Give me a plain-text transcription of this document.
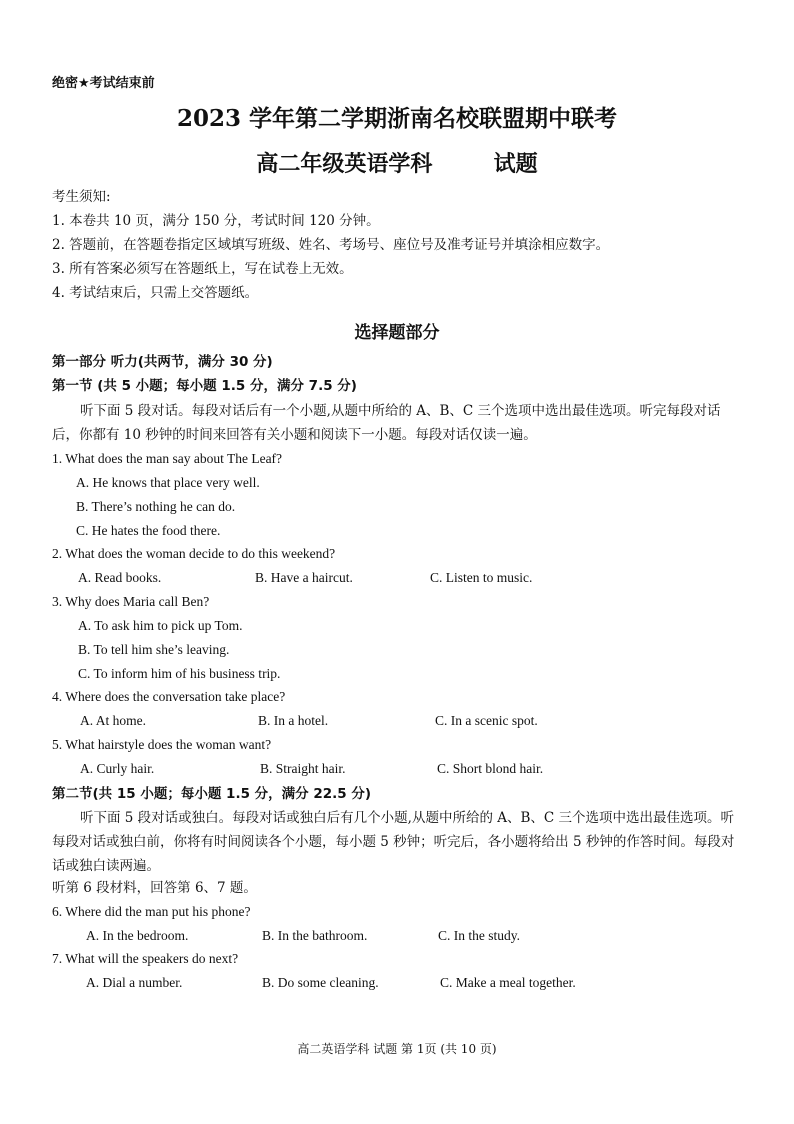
绝密★考试结束前
2023 学年第二学期浙南名校联盟期中联考
高二年级英语学科        试题
考生须知:
1. 本卷共 10 页，满分 150 分，考试时间 120 分钟。
2. 答题前，在答题卷指定区域填写班级、姓名、考场号、座位号及准考证号并填涂相应数字。
3. 所有答案必须写在答题纸上，写在试卷上无效。
4. 考试结束后，只需上交答题纸。
选择题部分
第一部分 听力(共两节，满分 30 分)
第一节 (共 5 小题；每小题 1.5 分，满分 7.5 分)
听下面 5 段对话。每段对话后有一个小题,从题中所给的 A、B、C 三个选项中选出最佳选项。听完每段对话后，你都有 10 秒钟的时间来回答有关小题和阅读下一小题。每段对话仅读一遍。
1. What does the man say about The Leaf?
A. He knows that place very well.
B. There’s nothing he can do.
C. He hates the food there.
2. What does the woman decide to do this weekend?
A. Read books.	B. Have a haircut.	C. Listen to music.
3. Why does Maria call Ben?
A. To ask him to pick up Tom.
B. To tell him she’s leaving.
C. To inform him of his business trip.
4. Where does the conversation take place?
A. At home.	B. In a hotel.	C. In a scenic spot.
5. What hairstyle does the woman want?
A. Curly hair.	B. Straight hair.	C. Short blond hair.
第二节(共 15 小题；每小题 1.5 分，满分 22.5 分)
听下面 5 段对话或独白。每段对话或独白后有几个小题,从题中所给的 A、B、C 三个选项中选出最佳选项。听每段对话或独白前，你将有时间阅读各个小题，每小题 5 秒钟；听完后，各小题将给出 5 秒钟的作答时间。每段对话或独白读两遍。
听第 6 段材料，回答第 6、7 题。
6. Where did the man put his phone?
A. In the bedroom.	B. In the bathroom.	C. In the study.
7. What will the speakers do next?
A. Dial a number.	B. Do some cleaning.	C. Make a meal together.
高二英语学科 试题 第 1页 (共 10 页)
